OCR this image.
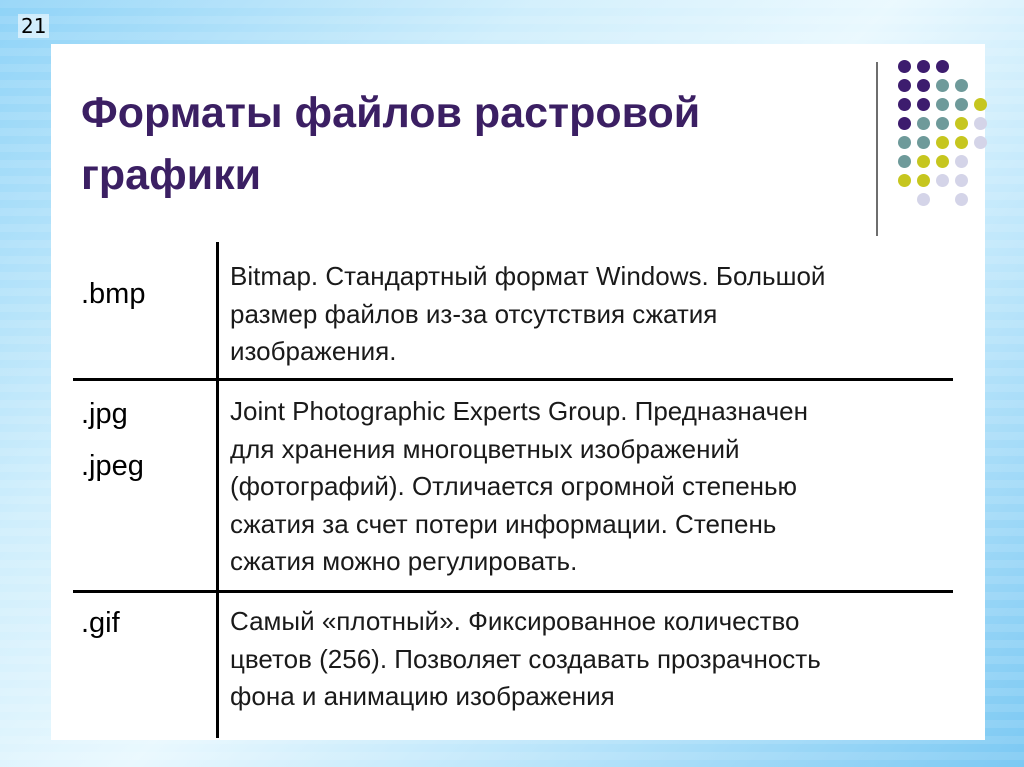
21
Форматы файлов растровой
графики
.bmp
Bitmap. Стандартный формат Windows. Большой
размер файлов из-за отсутствия сжатия
изображения.
.jpg
.jpeg
Joint Photographic Experts Group. Предназначен
для хранения многоцветных изображений
(фотографий). Отличается огромной степенью
сжатия за счет потери информации. Степень
сжатия можно регулировать.
.gif	Самый «плотный». Фиксированное количество
цветов (256). Позволяет создавать прозрачность
фона и анимацию изображения
